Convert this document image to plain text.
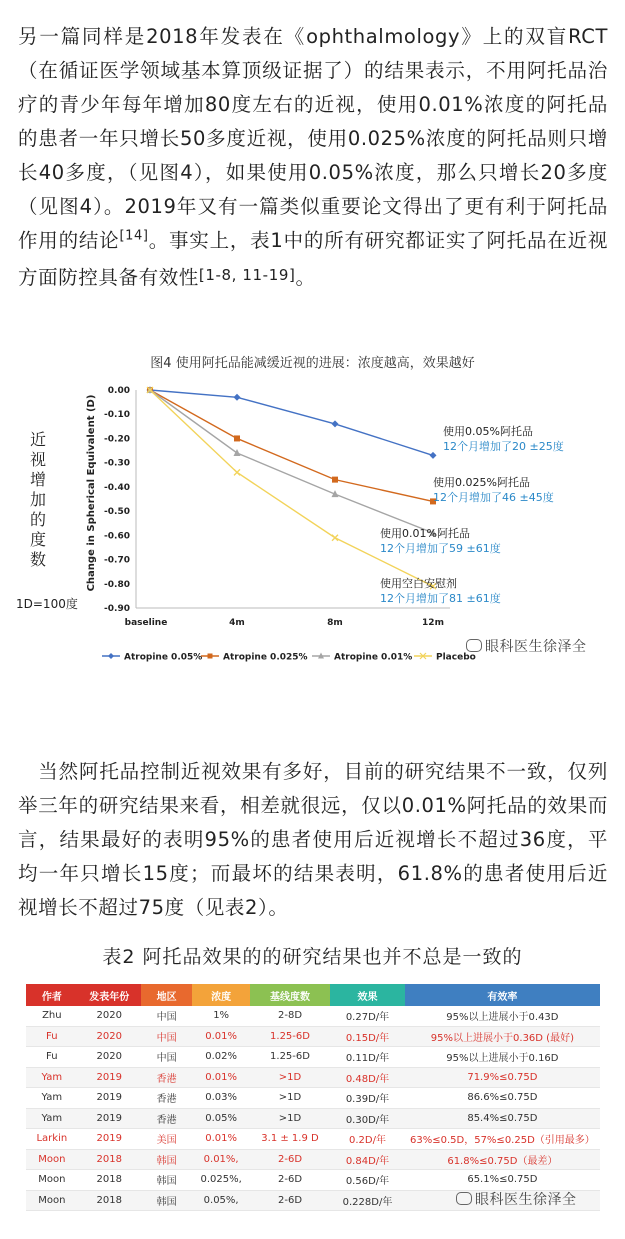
另一篇同样是2018年发表在《ophthalmology》上的双盲RCT（在循证医学领域基本算顶级证据了）的结果表示，不用阿托品治疗的青少年每年增加80度左右的近视，使用0.01%浓度的阿托品的患者一年只增长50多度近视，使用0.025%浓度的阿托品则只增长40多度，（见图4），如果使用0.05%浓度，那么只增长20多度（见图4）。2019年又有一篇类似重要论文得出了更有利于阿托品作用的结论[14]。事实上，表1中的所有研究都证实了阿托品在近视方面防控具备有效性[1-8, 11-19]。

图4 使用阿托品能减缓近视的进展：浓度越高，效果越好
近
视
增
加
的
度
数
1D=100度
Change in Spherical Equivalent (D)
0.00
-0.10
-0.20
-0.30
-0.40
-0.50
-0.60
-0.70
-0.80
-0.90
baseline	4m	8m	12m
使用0.05%阿托品
12个月增加了20 ±25度
使用0.025%阿托品
12个月增加了46 ±45度
使用0.01%阿托品
12个月增加了59 ±61度
使用空白安慰剂
12个月增加了81 ±61度
Atropine 0.05% Atropine 0.025%	Atropine 0.01%	Placebo
眼科医生徐泽全

当然阿托品控制近视效果有多好，目前的研究结果不一致，仅列举三年的研究结果来看，相差就很远，仅以0.01%阿托品的效果而言，结果最好的表明95%的患者使用后近视增长不超过36度，平均一年只增长15度；而最坏的结果表明，61.8%的患者使用后近视增长不超过75度（见表2）。

表2 阿托品效果的的研究结果也并不总是一致的
作者	发表年份	地区	浓度	基线度数	效果	有效率
Zhu	2020	中国	1%	2-8D	0.27D/年	95%以上进展小于0.43D
Fu	2020	中国	0.01%	1.25-6D	0.15D/年	95%以上进展小于0.36D (最好)
Fu	2020	中国	0.02%	1.25-6D	0.11D/年	95%以上进展小于0.16D
Yam	2019	香港	0.01%	>1D	0.48D/年	71.9%≤0.75D
Yam	2019	香港	0.03%	>1D	0.39D/年	86.6%≤0.75D
Yam	2019	香港	0.05%	>1D	0.30D/年	85.4%≤0.75D
Larkin	2019	美国	0.01%	3.1 ± 1.9 D	0.2D/年	63%≤0.5D，57%≤0.25D（引用最多）
Moon	2018	韩国	0.01%,	2-6D	0.84D/年	61.8%≤0.75D（最差）
Moon	2018	韩国	0.025%,	2-6D	0.56D/年	65.1%≤0.75D
Moon	2018	韩国	0.05%,	2-6D	0.228D/年		眼科医生徐泽全
